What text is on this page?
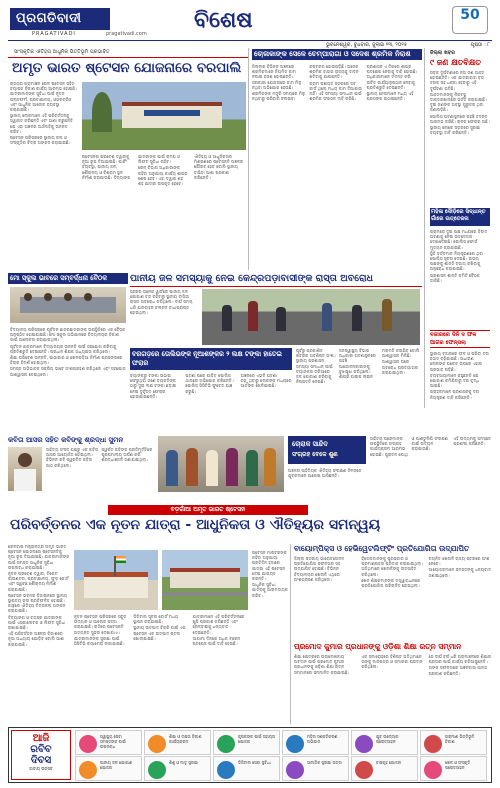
ପ୍ରଗତିବାଦୀ
PRAGATIVADI	pragativadi.com
ବିଶେଷ	50
ଭୁବନେଶ୍ୱର, ବୁଧବାର, ଜୁଲାଇ ୨୩, ୨୦୨୫	ପୃଷ୍ଠା : ୮
ସାଂସ୍କୃତିକ ଐତିହ୍ୟ ଆଧୁନିକ ଭିତ୍ତିଭୂମି ପ୍ରଭାବିତ
ଅମୃତ ଭାରତ ଷ୍ଟେସନ ଯୋଜନାରେ ବରପାଲି

ରାଜ୍ୟର ଗ୍ରାମାଞ୍ଚଳ ରେଳ ଷ୍ଟେସନ ସହିତ ବ୍ୟାପକ ବିକାଶ କାର୍ଯ୍ୟ ଆରମ୍ଭ ହୋଇଛି। ଯାତ୍ରୀମାନଙ୍କ ସୁବିଧା ପାଇଁ ନୂତନ ପ୍ଲାଟଫର୍ମ, ପ୍ରତୀକ୍ଷାଳୟ, ଓଭରବ୍ରିଜ ଏବଂ ଆଧୁନିକ ଆଲୋକ ବ୍ୟବସ୍ଥା କରାଯାଉଛି।

ସ୍ଥାନୀୟ ଲୋକମାନେ ଏହି ପରିବର୍ତ୍ତନକୁ ସ୍ୱାଗତ କରିଛନ୍ତି ଏବଂ ଆଶା କରୁଛନ୍ତି ଯେ ଏହା ଅଞ୍ଚଳର ଅର୍ଥନୀତିକୁ ଉନ୍ନତ କରିବ।

ଷ୍ଟେସନ ପରିସରରେ ସ୍ଥାନୀୟ କଳା ଓ ସଂସ୍କୃତିର ଚିତ୍ର ଅଙ୍କନ କରାଯାଇଛି।

ଷ୍ଟେସନର ପ୍ରବେଶ ଦ୍ୱାରକୁ ନୂଆ ରୂପ ଦିଆଯାଇଛି। ପାର୍କିଂ ବ୍ୟବସ୍ଥା, ପାନୀୟ ଜଳ, ଶୌଚାଳୟ ଓ ବିଶ୍ରାମ ସ୍ଥଳ ନିର୍ମାଣ କରାଯାଉଛି। ଦିବ୍ୟାଙ୍ଗ ଯାତ୍ରୀଙ୍କ ପାଇଁ ରାମ୍ପ ଓ ଲିଫ୍ଟ ସୁବିଧା ରହିବ।

ରେଳ ବିଭାଗ ଅଧିକାରୀଙ୍କ କହିବା ଅନୁଯାୟୀ କାର୍ଯ୍ୟ ଶୀଘ୍ର ଶେଷ ହେବ। ଏହା ଦ୍ୱାରା ଶହ ଶହ ଯାତ୍ରୀ ଉପକୃତ ହେବେ।

ଐତିହ୍ୟ ଓ ଆଧୁନିକତାର ମିଶ୍ରଣରେ ଷ୍ଟେସନଟି ଅଞ୍ଚଳର ଗୌରବ ହେବ ବୋଲି ସ୍ଥାନୀୟ ବାସିନ୍ଦା ଆଶା ପ୍ରକାଶ କରିଛନ୍ତି।

ଚୋଳାକାଙ୍କ ସେଳେ ଚେମ୍ପାରାଗା ଓ ସଦେଶ ଶ୍ରମିକ ନିରାଶ

ଜିଲ୍ଲାର ବିଭିନ୍ନ ଅଞ୍ଚଳରେ ଶ୍ରମିକମାନେ ନିୟମିତ କାମ ନପାଇ ହତାଶ ହୋଇଛନ୍ତି। ସରକାରୀ ଯୋଜନାରେ କାମ ମିଳୁ ନଥିବା ଅଭିଯୋଗ ହେଉଛି।

ଶ୍ରମିକଙ୍କ ମଜୁରି ସମୟରେ ମିଳୁ ନଥିବାରୁ ପରିବାର ଚଳାଇବା କଷ୍ଟକର ହୋଇପଡ଼ିଛି। ଅନେକ ଶ୍ରମିକ ବାହାର ରାଜ୍ୟକୁ ଦାଦନ ଖଟିବାକୁ ଯାଉଛନ୍ତି।

ଗ୍ରାମ ପଞ୍ଚାୟତ ସ୍ତରରେ ଜବ୍ କାର୍ଡ ଥିଲେ ମଧ୍ୟ କାମ ଦିଆଯାଉ ନାହିଁ। ଏହି ସମସ୍ୟା ସମାଧାନ ପାଇଁ ଶ୍ରମିକ ସଂଗଠନ ଦାବି କରିଛି।

ପ୍ରଶାସନ ଏ ଦିଗରେ ଶୀଘ୍ର ପଦକ୍ଷେପ ନେବାକୁ ଦାବି ହୋଇଛି। ଅଧିକାରୀମାନେ ତଦନ୍ତ କରି ଉଚିତ କାର୍ଯ୍ୟାନୁଷ୍ଠାନ ନେବାକୁ ପ୍ରତିଶ୍ରୁତି ଦେଇଛନ୍ତି।

ସ୍ଥାନୀୟ ନେତାମାନେ ମଧ୍ୟ ଏହି ପ୍ରସଙ୍ଗ ଉଠାଇଛନ୍ତି।

ଜିଲ୍ଲା ଖବର
୯ ଜଣ କ୍ଷତବିକ୍ଷତ

ସଡ଼କ ଦୁର୍ଘଟଣାରେ ନଅ ଜଣ ଆହତ ହୋଇଛନ୍ତି। ଏକ ଯାତ୍ରୀବାହୀ ବସ୍ ଟ୍ରକ୍ ସହ ଧକ୍କା ହେବାରୁ ଏହି ଦୁର୍ଘଟଣା ଘଟିଛି।

ଆହତମାନଙ୍କୁ ନିକଟସ୍ଥ ଡାକ୍ତରଖାନାରେ ଭର୍ତ୍ତି କରାଯାଇଛି। ଦୁଇ ଜଣଙ୍କ ଅବସ୍ଥା ଗୁରୁତର ଥିବା ଜଣାପଡ଼ିଛି।

ପୋଲିସ ଘଟଣାସ୍ଥଳରେ ପହଞ୍ଚି ତଦନ୍ତ ଆରମ୍ଭ କରିଛି। ଚାଳକ ଫେରାର ଅଛି।

ସ୍ଥାନୀୟ ଲୋକେ ସଡ଼କରେ ସୁରକ୍ଷା ବ୍ୟବସ୍ଥା ଦାବି କରିଛନ୍ତି।

ମୋ ସ୍କୁଲ ଭାବରେ ସମ୍ବର୍ଦ୍ଧନା ବୈଠକ

ବିଦ୍ୟାଳୟ ପରିସରରେ ପୂର୍ବତନ ଛାତ୍ରଛାତ୍ରୀଙ୍କ ଉପସ୍ଥିତିରେ ଏକ ବୈଠକ ଅନୁଷ୍ଠିତ ହୋଇଯାଇଛି। ମୋ ସ୍କୁଲ ଅଭିଯାନରେ ବିଦ୍ୟାଳୟର ବିକାଶ ପାଇଁ ଆଲୋଚନା କରାଯାଇଥିଲା।

ପୂର୍ବତନ ଛାତ୍ରମାନେ ବିଦ୍ୟାଳୟର ଉନ୍ନତି ପାଇଁ ସହଯୋଗ କରିବାକୁ ପ୍ରତିଶ୍ରୁତି ଦେଇଛନ୍ତି। ପ୍ରଧାନ ଶିକ୍ଷକ ଅଧ୍ୟକ୍ଷତା କରିଥିଲେ।

ଶିକ୍ଷା ପରିବେଶ ଉନ୍ନତି, ପାଠାଗାର ଓ ଖେଳପଡ଼ିଆ ନିର୍ମାଣ ପ୍ରସଙ୍ଗରେ ବିଚାର ବିମର୍ଶ ହୋଇଥିଲା।

ସମସ୍ତ ଅଭିଭାବକ ସକ୍ରିୟ ଭାବେ ଅଂଶଗ୍ରହଣ କରିଥିଲେ ଏବଂ ସହଯୋଗ ଆଶ୍ୱାସନା ଦେଇଥିଲେ।

ପାନୀୟ ଜଳ ସମସ୍ୟାକୁ ନେଇ କେନ୍ଦ୍ରପଡ଼ାବାସୀଙ୍କ ରାସ୍ତା ଅବରୋଧ

ସହରର ଅନେକ ୱାର୍ଡରେ ପାନୀୟ ଜଳ ଯୋଗାଣ ବନ୍ଦ ରହିବାରୁ ସ୍ଥାନୀୟ ବାସିନ୍ଦା ରାସ୍ତା ଅବରୋଧ କରିଥିଲେ। ଦୀର୍ଘ ସମୟ ଧରି ଯାନବାହନ ଚଳାଚଳ ବାଧାପ୍ରାପ୍ତ ହୋଇଥିଲା।

ବରଗଡ଼ରେ ତୋଲିଭଙ୍କ ନୂଆଶଙ୍କର ୨ ଲକ୍ଷ ଟଙ୍କା ହାତେଇ ଫରାର

ବ୍ୟାଙ୍କରୁ ଟଙ୍କା ଉଠାଇ ଫେରୁଥିବା ଜଣେ ବ୍ୟକ୍ତିଙ୍କ ଠାରୁ ଦୁଇ ଲକ୍ଷ ଟଙ୍କା ଛଡ଼ାଇ ନେଇ ଦୁର୍ବୃତ୍ତ ଫେରାର ହୋଇଯାଇଛନ୍ତି।

ଘଟଣା ପରେ ପୀଡ଼ିତ ପୋଲିସ ଥାନାରେ ଅଭିଯୋଗ କରିଛନ୍ତି। ପୋଲିସ ସିସିଟିଭି ଫୁଟେଜ ଯାଞ୍ଚ କରୁଛି।

ଅଞ୍ଚଳରେ ଏଭଳି ଘଟଣା ବଢ଼ୁଥିବାରୁ ଲୋକଙ୍କ ମଧ୍ୟରେ ଆତଙ୍କ ଖେଳିଯାଇଛି।

ପୂର୍ବରୁ ପ୍ରକାଶିତ ଖବରର ଅବଶିଷ୍ଟ ଅଂଶ। ସ୍ଥାନୀୟ ପ୍ରଶାସନ ସମସ୍ୟା ସମାଧାନ ପାଇଁ ଟ୍ୟାଙ୍କର ଜରିଆରେ ଜଳ ଯୋଗାଣ କରିବାକୁ ନିଷ୍ପତ୍ତି ନେଇଛି।

ଜନସ୍ୱାସ୍ଥ୍ୟ ବିଭାଗ ଅଧିକାରୀ ଘଟଣାସ୍ଥଳରେ ପହଞ୍ଚି ଆନ୍ଦୋଳନକାରୀଙ୍କୁ ବୁଝାସୁଝା କରିଥିଲେ। ଶୀଘ୍ର ପାଇପ ଲାଇନ ମରାମତି କରାଯିବ ବୋଲି ଆଶ୍ୱାସନା ମିଳିଛି।

ଆଶ୍ୱାସନା ପରେ ଅବରୋଧ ପ୍ରତ୍ୟାହାର କରାଯାଇଥିଲା।

ମହିଳା ଦୌଡ଼ିରେ ସିଦ୍ଧାନ୍ତ ଗାଁରେ ଉତ୍ତେଜନା

ଗ୍ରାମରେ ଦୁଇ ପକ୍ଷ ମଧ୍ୟରେ ବିବାଦ ଘଟଣାକୁ ନେଇ ଉତ୍ତେଜନା ଦେଖାଦେଇଛି। ପୋଲିସ ଫୋର୍ସ ମୁତୟନ କରାଯାଇଛି।

ସ୍ଥିତି ବର୍ତ୍ତମାନ ନିୟନ୍ତ୍ରଣରେ ଥିବା ପୋଲିସ ସୂଚନା ଦେଇଛି। ଉଭୟ ପକ୍ଷଙ୍କୁ ଶାନ୍ତି ବଜାୟ ରଖିବାକୁ ଅନୁରୋଧ କରାଯାଇଛି।

ପ୍ରଶାସନ ଶାନ୍ତି କମିଟି ବୈଠକ ଡାକିଛି।

ବଜାରରେ ଦିନି ଦ ଫଳ ଆଗର ଫେନ୍ସଲା

ସ୍ଥାନୀୟ ବଜାରରେ ଫଳ ଓ ପରିବା ଦର ହଠାତ୍ ବଢ଼ିଯାଇଛି। ସାଧାରଣ ଲୋକଙ୍କ ପକେଟ ଉପରେ ଏହାର ପ୍ରଭାବ ପଡ଼ିଛି।

ବ୍ୟବସାୟୀମାନେ କହୁଛନ୍ତି ଯେ ଯୋଗାଣ କମିଯିବାରୁ ଦର ବୃଦ୍ଧି ପାଇଛି।

ଗ୍ରାହକମାନେ ପ୍ରଶାସନକୁ ଦର ନିୟନ୍ତ୍ରଣ ଦାବି କରିଛନ୍ତି।

କବିତା ଆସର ସହିତ କବିଙ୍କୁ ଶ୍ରଦ୍ଧା ସୁମନ

ସାହିତ୍ୟ ସଂସଦ ପକ୍ଷରୁ ଏକ କବିତା ଆସର ଆୟୋଜିତ ହୋଇଥିଲା। ବିଭିନ୍ନ କବି ସ୍ୱରଚିତ କବିତା ପାଠ କରିଥିଲେ।

ସ୍ୱର୍ଗତ କବିଙ୍କ ପ୍ରତିମୂର୍ତ୍ତିରେ ପୁଷ୍ପମାଲ୍ୟ ଅର୍ପଣ କରି ଶ୍ରଦ୍ଧାଞ୍ଜଳି ଜଣାଯାଇଥିଲା।

ଚୋରାକ ସାନ୍ଦିଦ
ସଂଗ୍ରହ ବେଳେ ଶୁଣ

ସାହିତ୍ୟ ପ୍ରେମୀଙ୍କ ଉପସ୍ଥିତିରେ ସଂଗ୍ରହ କାର୍ଯ୍ୟକ୍ରମ ଆରମ୍ଭ ହୋଇଛି। ପୁରାତନ ପୋଥି ଓ ପାଣ୍ଡୁଲିପି ସଂରକ୍ଷଣ ପାଇଁ ଉଦ୍ୟମ କରାଯାଉଛି।

ଏହି ଉଦ୍ୟମକୁ ସମସ୍ତେ ପ୍ରଶଂସା କରିଛନ୍ତି।

ଅଞ୍ଚଳର ସାହିତ୍ୟିକ ଐତିହ୍ୟ ସଂରକ୍ଷଣ ନିମନ୍ତେ ଯୁବକମାନେ ଆଗେଇ ଆସିଛନ୍ତି।

ବଡ଼ଗାଁଆ ଅମୃତ ଭାରତ ଷ୍ଟେସନ
ପରିବର୍ତ୍ତନର ଏକ ନୂତନ ଯାତ୍ରା - ଆଧୁନିକତା ଓ ଐତିହ୍ୟର ସମନ୍ୱୟ

ରେଳବାଇ ମନ୍ତ୍ରାଳୟର ଅମୃତ ଭାରତ ଷ୍ଟେସନ ଯୋଜନାରେ ଷ୍ଟେସନଟିକୁ ନୂଆ ରୂପ ଦିଆଯାଇଛି। ଯାତ୍ରୀମାନଙ୍କ ପାଇଁ ସମସ୍ତ ଆଧୁନିକ ସୁବିଧା ଉପଲବ୍ଧ କରାଯାଇଛି।

ନୂତନ ପ୍ରବେଶ ଦ୍ୱାର, ଟିକେଟ କାଉଣ୍ଟର, ପ୍ରତୀକ୍ଷାଳୟ, ଫୁଡ଼ କୋର୍ଟ ଏବଂ ସ୍ୱଚ୍ଛ ଶୌଚାଳୟ ନିର୍ମାଣ କରାଯାଇଛି।

ଷ୍ଟେସନ ଭବନର ଡିଜାଇନରେ ସ୍ଥାନୀୟ ସ୍ଥାପତ୍ୟ କଳା ପ୍ରତିଫଳିତ ହୋଇଛି। କାନ୍ଥରେ ଐତିହ୍ୟ ଚିତ୍ରକଳା ଅଙ୍କନ କରାଯାଇଛି।

ଦିବ୍ୟାଙ୍ଗ ଓ ବୟସ୍କ ଯାତ୍ରୀଙ୍କ ପାଇଁ ଏସ୍କାଲେଟର ଓ ଲିଫ୍ଟ ସୁବିଧା ରଖାଯାଇଛି।

ଏହି ପରିବର୍ତ୍ତନ ଅଞ୍ଚଳର ବିକାଶରେ ନୂଆ ଅଧ୍ୟାୟ ଯୋଡ଼ିବ ବୋଲି ଆଶା କରାଯାଉଛି।

ନୂତନ ଷ୍ଟେସନ ପରିସରରେ ସବୁଜ ଉଦ୍ୟାନ ଓ ଆଲୋକ ସଜ୍ଜା କରାଯାଇଛି। ରାତିରେ ଷ୍ଟେସନଟି ଅତ୍ୟନ୍ତ ସୁନ୍ଦର ଦେଖାଯାଏ।

ଯାତ୍ରୀମାନଙ୍କ ସୁରକ୍ଷା ପାଇଁ ସିସିଟିଭି କ୍ୟାମେରା ଲଗାଯାଇଛି। ଡିଜିଟାଲ ସୂଚନା ବୋର୍ଡ ମଧ୍ୟ ସ୍ଥାପନ କରାଯାଇଛି।

ସ୍ଥାନୀୟ ଉତ୍ପାଦ ବିକ୍ରି ପାଇଁ ଏକ ଷ୍ଟେସନ ଏକ ଉତ୍ପାଦ ଷ୍ଟଲ ଖୋଲାଯାଇଛି।

ଯାତ୍ରୀମାନେ ଏହି ପରିବର୍ତ୍ତନରେ ଖୁସି ପ୍ରକାଶ କରିଛନ୍ତି ଏବଂ ରେଳବାଇକୁ ଧନ୍ୟବାଦ ଦେଇଛନ୍ତି।

ଆଗାମୀ ଦିନରେ ଅଧିକ ଟ୍ରେନ ଷ୍ଟପେଜ ପାଇଁ ଦାବି ହେଉଛି।

ଷ୍ଟେସନ ମାଷ୍ଟରଙ୍କ କହିବା ଅନୁଯାୟୀ ପ୍ରତିଦିନ ହଜାରେ ଯାତ୍ରୀ ଏହି ଷ୍ଟେସନ ଦେଇ ଯାତାୟତ କରନ୍ତି।

ଆଧୁନିକ ସୁବିଧା ଯାତ୍ରାକୁ ଆରାମଦାୟକ କରିବ।

ବାୟୋମ୍ପିକ୍ସ ଓ ହେଭିୱେଟଲିଫ୍ଟିଂ ପ୍ରତିଯୋଗିତା ଉଦ୍‌ଯାପିତ

ଜିଲ୍ଲା ସ୍ତରୀୟ ଭାରୋତ୍ତୋଳନ ପ୍ରତିଯୋଗିତା ସଫଳତାର ସହ ଉଦ୍‌ଯାପିତ ହୋଇଛି। ବିଭିନ୍ନ ବିଦ୍ୟାଳୟର ଖେଳାଳି ଏଥିରେ ଅଂଶଗ୍ରହଣ କରିଥିଲେ।

ବିଜେତାମାନଙ୍କୁ ପୁରସ୍କାର ଓ ପ୍ରମାଣପତ୍ର ପ୍ରଦାନ କରାଯାଇଥିଲା। ଅତିଥିମାନେ ଖେଳାଳିଙ୍କୁ ଉତ୍ସାହିତ କରିଥିଲେ।

ଖେଳ ଶିକ୍ଷକମାନଙ୍କ ତତ୍ତ୍ୱାବଧାନରେ ପ୍ରତିଯୋଗିତା ପରିଚାଳିତ ହୋଇଥିଲା। ଚୟନିତ ଖେଳାଳି ରାଜ୍ୟ ସ୍ତରରେ ଅଂଶ ନେବେ।

ଆୟୋଜକମାନେ ସମସ୍ତଙ୍କୁ ଧନ୍ୟବାଦ ଜଣାଇଥିଲେ।

ପ୍ରମୋଦ କୁମାର ପ୍ରଧାନଙ୍କୁ ଓଡ଼ିଶା ଶିକ୍ଷା ରତ୍ନ ସମ୍ମାନ

ଶିକ୍ଷା କ୍ଷେତ୍ରରେ ଉଲ୍ଲେଖନୀୟ ଅବଦାନ ପାଇଁ ପ୍ରମୋଦ କୁମାର ପ୍ରଧାନଙ୍କୁ ଓଡ଼ିଶା ଶିକ୍ଷା ରତ୍ନ ସମ୍ମାନରେ ସମ୍ମାନିତ କରାଯାଇଛି।

ଏକ ସମାରୋହରେ ବିଶିଷ୍ଟ ଅତିଥିମାନେ ତାଙ୍କୁ ମାନପତ୍ର ଓ ସ୍ମାରକୀ ପ୍ରଦାନ କରିଥିଲେ।

ସେ ଦୀର୍ଘ ବର୍ଷ ଧରି ଗ୍ରାମାଞ୍ଚଳରେ ଶିକ୍ଷାର ପ୍ରସାର ପାଇଁ କାର୍ଯ୍ୟ କରିଆସୁଛନ୍ତି।

ତାଙ୍କ ସଫଳତାରେ ଅଞ୍ଚଳବାସୀ ଆନନ୍ଦ ପ୍ରକାଶ କରିଛନ୍ତି।

ଆଜି
ରବିବ
ଦିବସ
ଜାତୀୟ ଉତ୍ସବ
ସ୍ୱାସ୍ଥ୍ୟ ସେବା ସମସ୍ତଙ୍କ ପାଇଁ ଉପଲବ୍ଧ
ଶିକ୍ଷା ଓ ଦକ୍ଷତା ବିକାଶ କାର୍ଯ୍ୟକ୍ରମ
କୃଷକଙ୍କ ପାଇଁ ସହାୟତା ଯୋଜନା
ମହିଳା ସଶକ୍ତିକରଣ ଅଭିଯାନ
ଯୁବ ଉଦ୍ୟୋଗ ପ୍ରୋତ୍ସାହନ
ଗ୍ରାମୀଣ ଭିତ୍ତିଭୂମି ବିକାଶ
ପାନୀୟ ଜଳ ଯୋଗାଣ ଯୋଜନା
ଶିଶୁ ଓ ମାତୃ ସୁରକ୍ଷା	ଡିଜିଟାଲ ସେବା ସୁବିଧା	ସାମାଜିକ ସୁରକ୍ଷା ଭତ୍ତା	ବାସଗୃହ ଯୋଜନା	ଖେଳ ଓ ସଂସ୍କୃତି ପ୍ରୋତ୍ସାହନ
